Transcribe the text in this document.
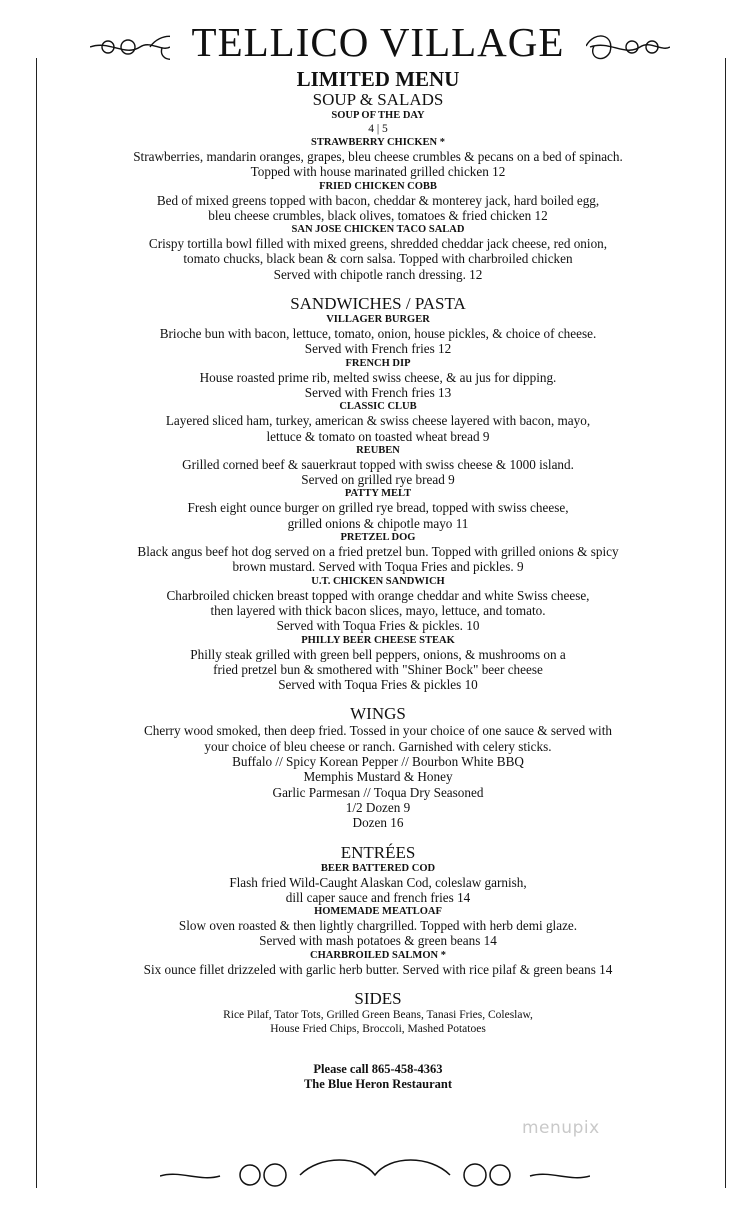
TELLICO VILLAGE
LIMITED MENU
SOUP & SALADS
SOUP OF THE DAY
4 | 5
STRAWBERRY CHICKEN *
Strawberries, mandarin oranges, grapes, bleu cheese crumbles & pecans on a bed of spinach.
Topped with house marinated grilled chicken 12
FRIED CHICKEN COBB
Bed of mixed greens topped with bacon, cheddar & monterey jack, hard boiled egg,
bleu cheese crumbles, black olives, tomatoes & fried chicken 12
SAN JOSE CHICKEN TACO SALAD
Crispy tortilla bowl filled with mixed greens, shredded cheddar jack cheese, red onion,
tomato chucks, black bean & corn salsa. Topped with charbroiled chicken
Served with chipotle ranch dressing. 12
SANDWICHES / PASTA
VILLAGER BURGER
Brioche bun with bacon, lettuce, tomato, onion, house pickles, & choice of cheese.
Served with French fries 12
FRENCH DIP
House roasted prime rib, melted swiss cheese, & au jus for dipping.
Served with French fries 13
CLASSIC CLUB
Layered sliced ham, turkey, american & swiss cheese layered with bacon, mayo,
lettuce & tomato on toasted wheat bread 9
REUBEN
Grilled corned beef & sauerkraut topped with swiss cheese & 1000 island.
Served on grilled rye bread 9
PATTY MELT
Fresh eight ounce burger on grilled rye bread, topped with swiss cheese,
grilled onions & chipotle mayo 11
PRETZEL DOG
Black angus beef hot dog served on a fried pretzel bun. Topped with grilled onions & spicy
brown mustard. Served with Toqua Fries and pickles. 9
U.T. CHICKEN SANDWICH
Charbroiled chicken breast topped with orange cheddar and white Swiss cheese,
then layered with thick bacon slices, mayo, lettuce, and tomato.
Served with Toqua Fries & pickles. 10
PHILLY BEER CHEESE STEAK
Philly steak grilled with green bell peppers, onions, & mushrooms on a
fried pretzel bun & smothered with "Shiner Bock" beer cheese
Served with Toqua Fries & pickles 10
WINGS
Cherry wood smoked, then deep fried. Tossed in your choice of one sauce & served with
your choice of bleu cheese or ranch. Garnished with celery sticks.
Buffalo // Spicy Korean Pepper // Bourbon White BBQ
Memphis Mustard & Honey
Garlic Parmesan // Toqua Dry Seasoned
1/2 Dozen 9
Dozen 16
ENTRÉES
BEER BATTERED COD
Flash fried Wild-Caught Alaskan Cod, coleslaw garnish,
dill caper sauce and french fries 14
HOMEMADE MEATLOAF
Slow oven roasted & then lightly chargrilled. Topped with herb demi glaze.
Served with mash potatoes & green beans 14
CHARBROILED SALMON *
Six ounce fillet drizzeled with garlic herb butter. Served with rice pilaf & green beans 14
SIDES
Rice Pilaf, Tator Tots, Grilled Green Beans, Tanasi Fries, Coleslaw,
House Fried Chips, Broccoli, Mashed Potatoes
Please call 865-458-4363
The Blue Heron Restaurant
menupix
